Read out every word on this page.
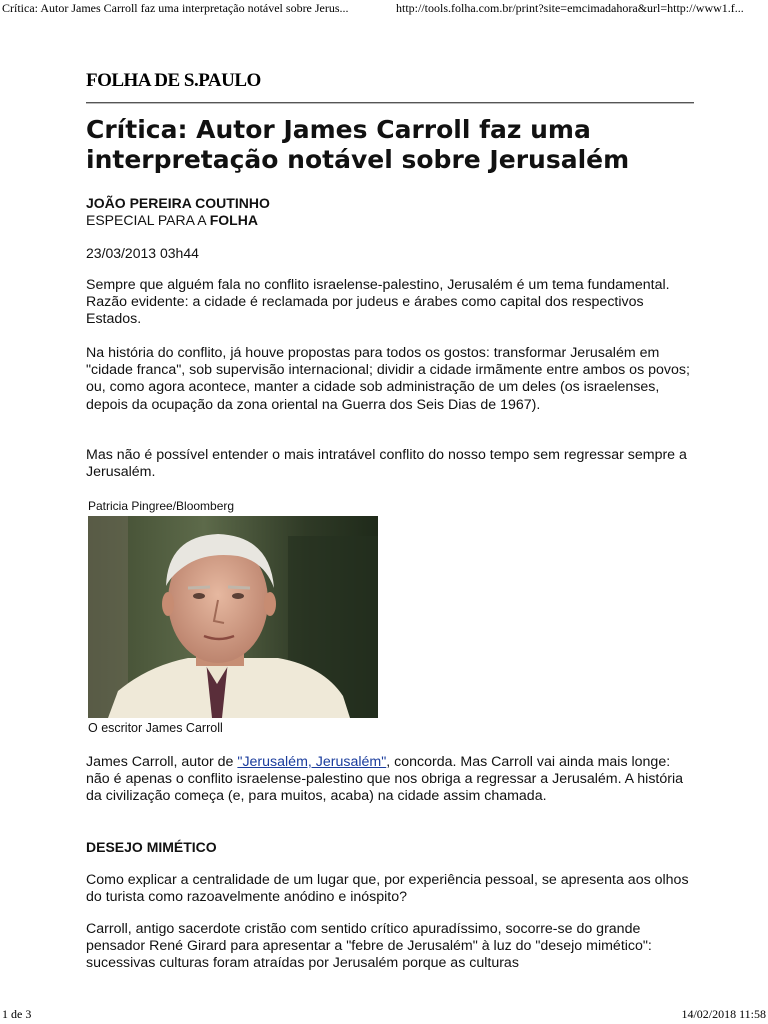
Crítica: Autor James Carroll faz uma interpretação notável sobre Jerus...	http://tools.folha.com.br/print?site=emcimadahora&url=http://www1.f...
FOLHA DE S.PAULO
Crítica: Autor James Carroll faz uma interpretação notável sobre Jerusalém
JOÃO PEREIRA COUTINHO
ESPECIAL PARA A FOLHA
23/03/2013 03h44

Sempre que alguém fala no conflito israelense-palestino, Jerusalém é um tema fundamental. Razão evidente: a cidade é reclamada por judeus e árabes como capital dos respectivos Estados.

Na história do conflito, já houve propostas para todos os gostos: transformar Jerusalém em "cidade franca", sob supervisão internacional; dividir a cidade irmãmente entre ambos os povos; ou, como agora acontece, manter a cidade sob administração de um deles (os israelenses, depois da ocupação da zona oriental na Guerra dos Seis Dias de 1967).

Mas não é possível entender o mais intratável conflito do nosso tempo sem regressar sempre a Jerusalém.

Patricia Pingree/Bloomberg
O escritor James Carroll

James Carroll, autor de "Jerusalém, Jerusalém", concorda. Mas Carroll vai ainda mais longe: não é apenas o conflito israelense-palestino que nos obriga a regressar a Jerusalém. A história da civilização começa (e, para muitos, acaba) na cidade assim chamada.

DESEJO MIMÉTICO

Como explicar a centralidade de um lugar que, por experiência pessoal, se apresenta aos olhos do turista como razoavelmente anódino e inóspito?

Carroll, antigo sacerdote cristão com sentido crítico apuradíssimo, socorre-se do grande pensador René Girard para apresentar a "febre de Jerusalém" à luz do "desejo mimético": sucessivas culturas foram atraídas por Jerusalém porque as culturas

1 de 3	14/02/2018 11:58
